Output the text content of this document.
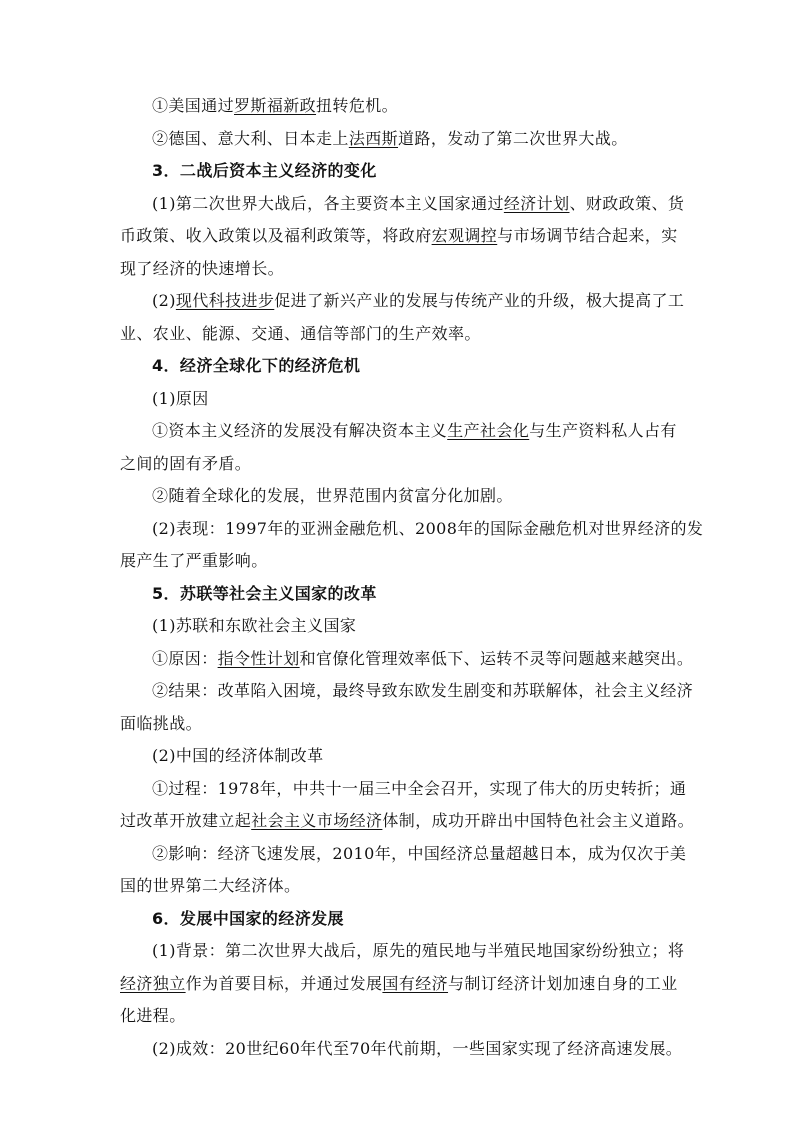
①美国通过罗斯福新政扭转危机。
②德国、意大利、日本走上法西斯道路，发动了第二次世界大战。
3．二战后资本主义经济的变化
(1)第二次世界大战后，各主要资本主义国家通过经济计划、财政政策、货
币政策、收入政策以及福利政策等，将政府宏观调控与市场调节结合起来，实
现了经济的快速增长。
(2)现代科技进步促进了新兴产业的发展与传统产业的升级，极大提高了工
业、农业、能源、交通、通信等部门的生产效率。
4．经济全球化下的经济危机
(1)原因
①资本主义经济的发展没有解决资本主义生产社会化与生产资料私人占有
之间的固有矛盾。
②随着全球化的发展，世界范围内贫富分化加剧。
(2)表现：1997年的亚洲金融危机、2008年的国际金融危机对世界经济的发
展产生了严重影响。
5．苏联等社会主义国家的改革
(1)苏联和东欧社会主义国家
①原因：指令性计划和官僚化管理效率低下、运转不灵等问题越来越突出。
②结果：改革陷入困境，最终导致东欧发生剧变和苏联解体，社会主义经济
面临挑战。
(2)中国的经济体制改革
①过程：1978年，中共十一届三中全会召开，实现了伟大的历史转折；通
过改革开放建立起社会主义市场经济体制，成功开辟出中国特色社会主义道路。
②影响：经济飞速发展，2010年，中国经济总量超越日本，成为仅次于美
国的世界第二大经济体。
6．发展中国家的经济发展
(1)背景：第二次世界大战后，原先的殖民地与半殖民地国家纷纷独立；将
经济独立作为首要目标，并通过发展国有经济与制订经济计划加速自身的工业
化进程。
(2)成效：20世纪60年代至70年代前期，一些国家实现了经济高速发展。
